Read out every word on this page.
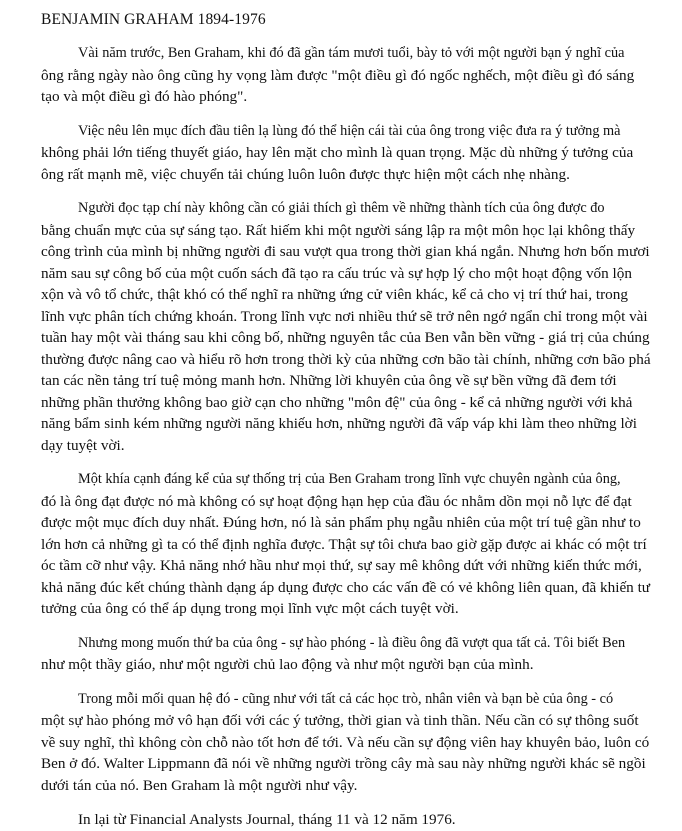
BENJAMIN GRAHAM 1894-1976
Vài năm trước, Ben Graham, khi đó đã gần tám mươi tuổi, bày tỏ với một người bạn ý nghĩ của
ông rằng ngày nào ông cũng hy vọng làm được "một điều gì đó ngốc nghếch, một điều gì đó sáng
tạo và một điều gì đó hào phóng".
Việc nêu lên mục đích đầu tiên lạ lùng đó thể hiện cái tài của ông trong việc đưa ra ý tưởng mà
không phải lớn tiếng thuyết giáo, hay lên mặt cho mình là quan trọng. Mặc dù những ý tưởng của
ông rất mạnh mẽ, việc chuyển tải chúng luôn luôn được thực hiện một cách nhẹ nhàng.
Người đọc tạp chí này không cần có giải thích gì thêm về những thành tích của ông được đo
bằng chuẩn mực của sự sáng tạo. Rất hiếm khi một người sáng lập ra một môn học lại không thấy
công trình của mình bị những người đi sau vượt qua trong thời gian khá ngắn. Nhưng hơn bốn mươi
năm sau sự công bố của một cuốn sách đã tạo ra cấu trúc và sự hợp lý cho một hoạt động vốn lộn
xộn và vô tổ chức, thật khó có thể nghĩ ra những ứng cử viên khác, kể cả cho vị trí thứ hai, trong
lĩnh vực phân tích chứng khoán. Trong lĩnh vực nơi nhiều thứ sẽ trở nên ngớ ngẩn chỉ trong một vài
tuần hay một vài tháng sau khi công bố, những nguyên tắc của Ben vẫn bền vững - giá trị của chúng
thường được nâng cao và hiểu rõ hơn trong thời kỳ của những cơn bão tài chính, những cơn bão phá
tan các nền tảng trí tuệ mỏng manh hơn. Những lời khuyên của ông về sự bền vững đã đem tới
những phần thưởng không bao giờ cạn cho những "môn đệ" của ông - kể cả những người với khả
năng bẩm sinh kém những người năng khiếu hơn, những người đã vấp váp khi làm theo những lời
dạy tuyệt vời.
Một khía cạnh đáng kể của sự thống trị của Ben Graham trong lĩnh vực chuyên ngành của ông,
đó là ông đạt được nó mà không có sự hoạt động hạn hẹp của đầu óc nhằm dồn mọi nỗ lực để đạt
được một mục đích duy nhất. Đúng hơn, nó là sản phẩm phụ ngẫu nhiên của một trí tuệ gần như to
lớn hơn cả những gì ta có thể định nghĩa được. Thật sự tôi chưa bao giờ gặp được ai khác có một trí
óc tầm cỡ như vậy. Khả năng nhớ hầu như mọi thứ, sự say mê không dứt với những kiến thức mới,
khả năng đúc kết chúng thành dạng áp dụng được cho các vấn đề có vẻ không liên quan, đã khiến tư
tưởng của ông có thể áp dụng trong mọi lĩnh vực một cách tuyệt vời.
Nhưng mong muốn thứ ba của ông - sự hào phóng - là điều ông đã vượt qua tất cả. Tôi biết Ben
như một thầy giáo, như một người chủ lao động và như một người bạn của mình.
Trong mỗi mối quan hệ đó - cũng như với tất cả các học trò, nhân viên và bạn bè của ông - có
một sự hào phóng mở vô hạn đối với các ý tưởng, thời gian và tinh thần. Nếu cần có sự thông suốt
về suy nghĩ, thì không còn chỗ nào tốt hơn để tới. Và nếu cần sự động viên hay khuyên bảo, luôn có
Ben ở đó. Walter Lippmann đã nói về những người trồng cây mà sau này những người khác sẽ ngồi
dưới tán của nó. Ben Graham là một người như vậy.
In lại từ Financial Analysts Journal, tháng 11 và 12 năm 1976.
